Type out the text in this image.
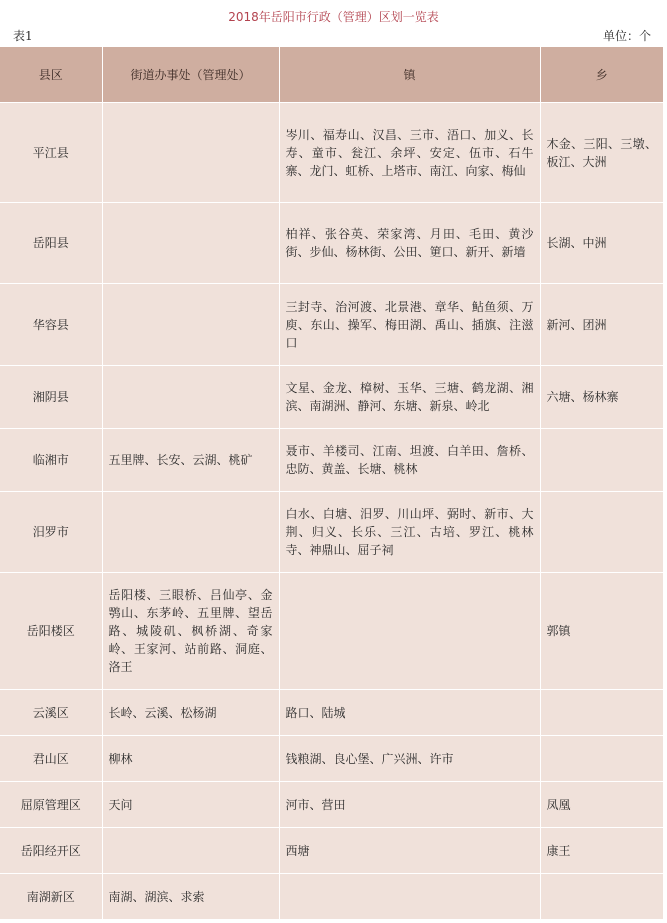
2018年岳阳市行政（管理）区划一览表
表1	单位：个
县区	街道办事处（管理处）	镇	乡
平江县		岑川、福寿山、汉昌、三市、浯口、加义、长寿、童市、瓮江、余坪、安定、伍市、石牛寨、龙门、虹桥、上塔市、南江、向家、梅仙	木金、三阳、三墩、板江、大洲
岳阳县		柏祥、张谷英、荣家湾、月田、毛田、黄沙街、步仙、杨林街、公田、筻口、新开、新墙	长湖、中洲
华容县		三封寺、治河渡、北景港、章华、鲇鱼须、万庾、东山、操军、梅田湖、禹山、插旗、注滋口	新河、团洲
湘阴县		文星、金龙、樟树、玉华、三塘、鹤龙湖、湘滨、南湖洲、静河、东塘、新泉、岭北	六塘、杨林寨
临湘市	五里牌、长安、云湖、桃矿	聂市、羊楼司、江南、坦渡、白羊田、詹桥、忠防、黄盖、长塘、桃林	
汨罗市		白水、白塘、汨罗、川山坪、弼时、新市、大荆、归义、长乐、三江、古培、罗江、桃林寺、神鼎山、屈子祠	
岳阳楼区	岳阳楼、三眼桥、吕仙亭、金鹗山、东茅岭、五里牌、望岳路、城陵矶、枫桥湖、奇家岭、王家河、站前路、洞庭、洛王		郭镇
云溪区	长岭、云溪、松杨湖	路口、陆城	
君山区	柳林	钱粮湖、良心堡、广兴洲、许市	
屈原管理区	天问	河市、营田	凤凰
岳阳经开区		西塘	康王
南湖新区	南湖、湖滨、求索		
